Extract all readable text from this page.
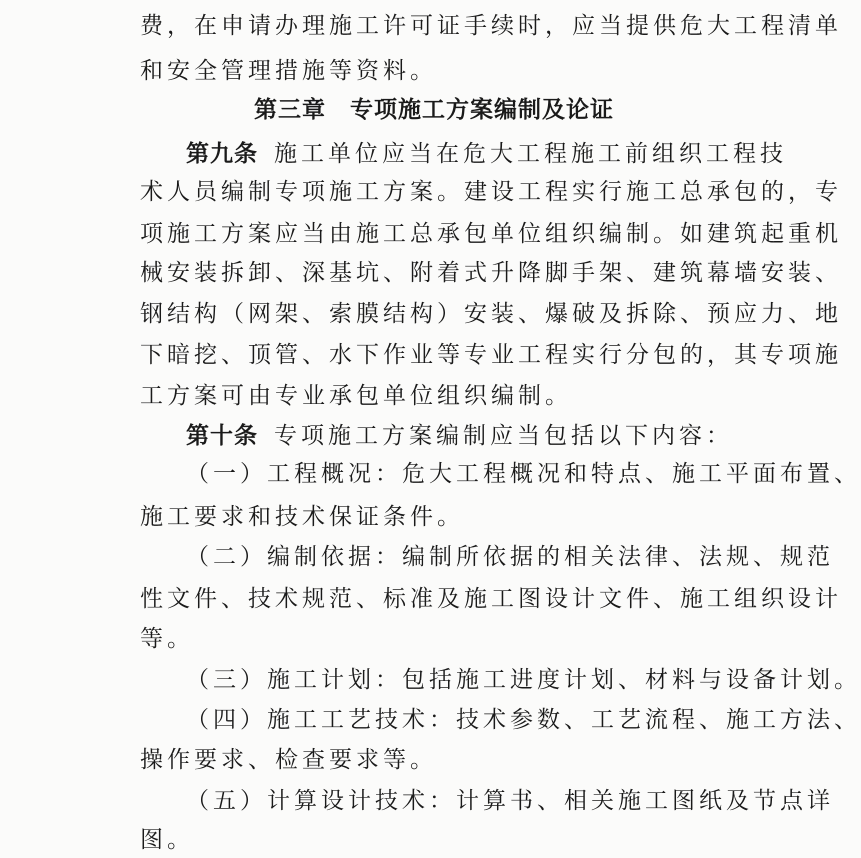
费，在申请办理施工许可证手续时，应当提供危大工程清单
和安全管理措施等资料。
第三章　专项施工方案编制及论证
第九条 施工单位应当在危大工程施工前组织工程技
术人员编制专项施工方案。建设工程实行施工总承包的，专
项施工方案应当由施工总承包单位组织编制。如建筑起重机
械安装拆卸、深基坑、附着式升降脚手架、建筑幕墙安装、
钢结构（网架、索膜结构）安装、爆破及拆除、预应力、地
下暗挖、顶管、水下作业等专业工程实行分包的，其专项施
工方案可由专业承包单位组织编制。
第十条 专项施工方案编制应当包括以下内容：
（一）工程概况：危大工程概况和特点、施工平面布置、
施工要求和技术保证条件。
（二）编制依据：编制所依据的相关法律、法规、规范
性文件、技术规范、标准及施工图设计文件、施工组织设计
等。
（三）施工计划：包括施工进度计划、材料与设备计划。
（四）施工工艺技术：技术参数、工艺流程、施工方法、
操作要求、检查要求等。
（五）计算设计技术：计算书、相关施工图纸及节点详
图。
